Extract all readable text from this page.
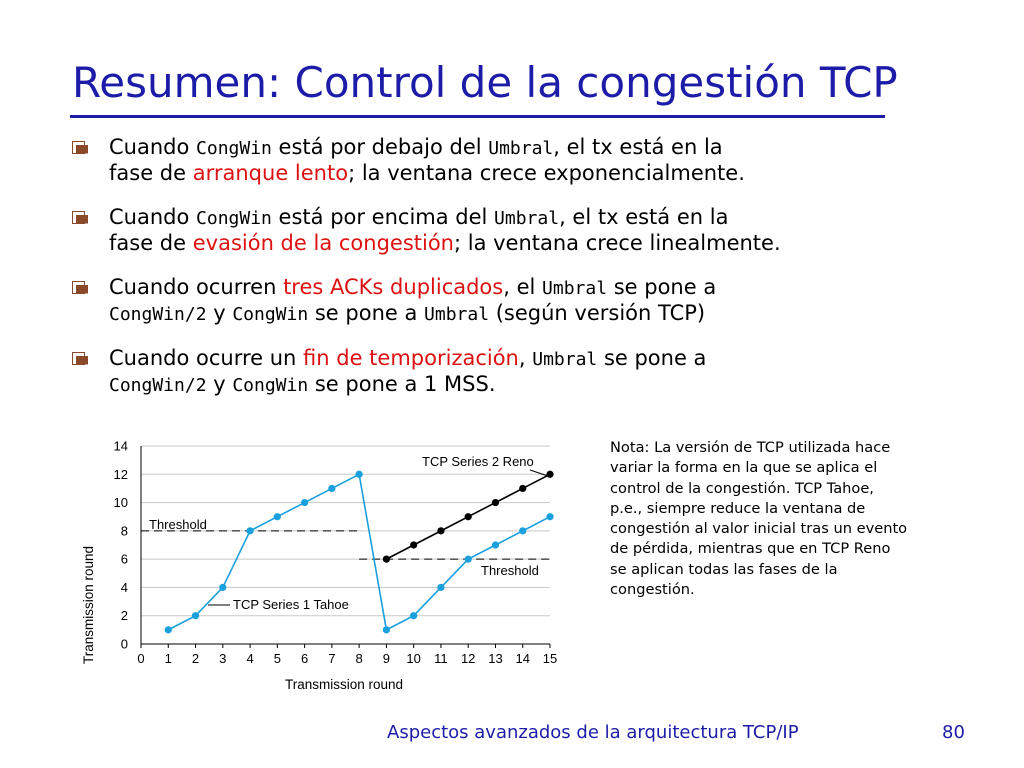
Resumen: Control de la congestión TCP
Cuando CongWin está por debajo del Umbral, el tx está en la
fase de arranque lento; la ventana crece exponencialmente.
Cuando CongWin está por encima del Umbral, el tx está en la
fase de evasión de la congestión; la ventana crece linealmente.
Cuando ocurren tres ACKs duplicados, el Umbral se pone a
CongWin/2 y CongWin se pone a Umbral (según versión TCP)
Cuando ocurre un fin de temporización, Umbral se pone a
CongWin/2 y CongWin se pone a 1 MSS.
0
2
4
6
8
10
12
14
0 1 2 3 4 5 6 7 8 9 10 11 12 13 14 15
Transmission round
Transmission round
TCP Series 2 Reno
TCP Series 1 Tahoe
Threshold
Threshold
Nota: La versión de TCP utilizada hace variar la forma en la que se aplica el control de la congestión. TCP Tahoe, p.e., siempre reduce la ventana de congestión al valor inicial tras un evento de pérdida, mientras que en TCP Reno se aplican todas las fases de la congestión.
Aspectos avanzados de la arquitectura TCP/IP	80
